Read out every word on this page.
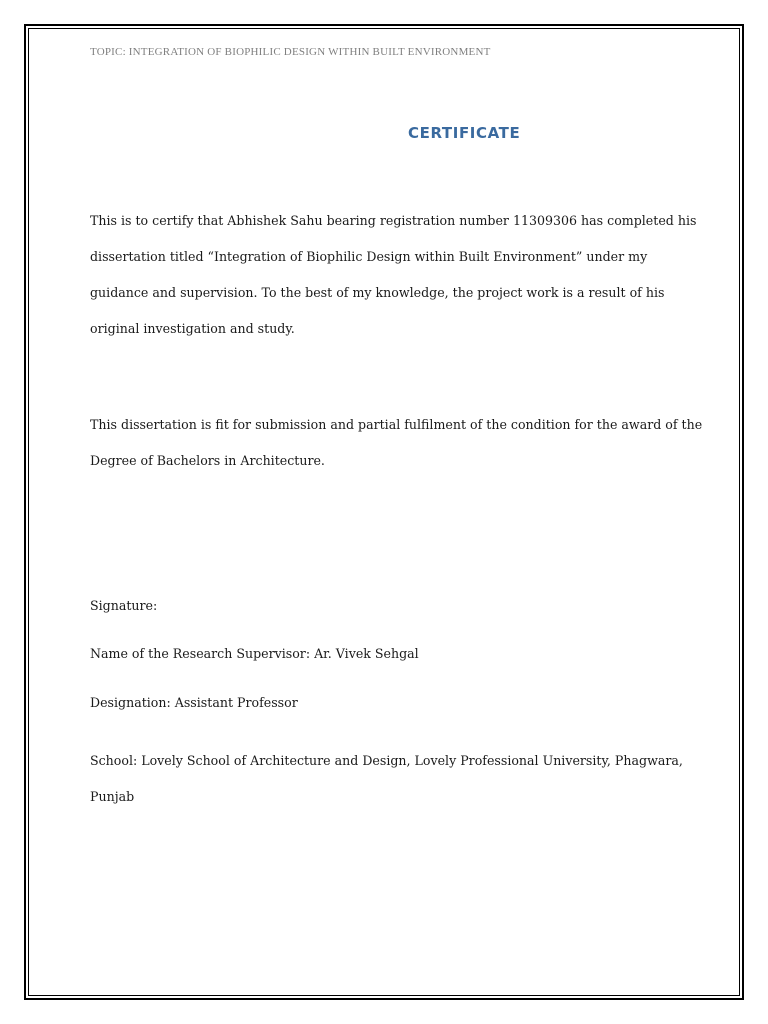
TOPIC: INTEGRATION OF BIOPHILIC DESIGN WITHIN BUILT ENVIRONMENT
CERTIFICATE

This is to certify that Abhishek Sahu bearing registration number 11309306 has completed his
dissertation titled “Integration of Biophilic Design within Built Environment” under my
guidance and supervision. To the best of my knowledge, the project work is a result of his
original investigation and study.

This dissertation is fit for submission and partial fulfilment of the condition for the award of the
Degree of Bachelors in Architecture.

Signature:
Name of the Research Supervisor: Ar. Vivek Sehgal
Designation: Assistant Professor
School: Lovely School of Architecture and Design, Lovely Professional University, Phagwara,
Punjab
